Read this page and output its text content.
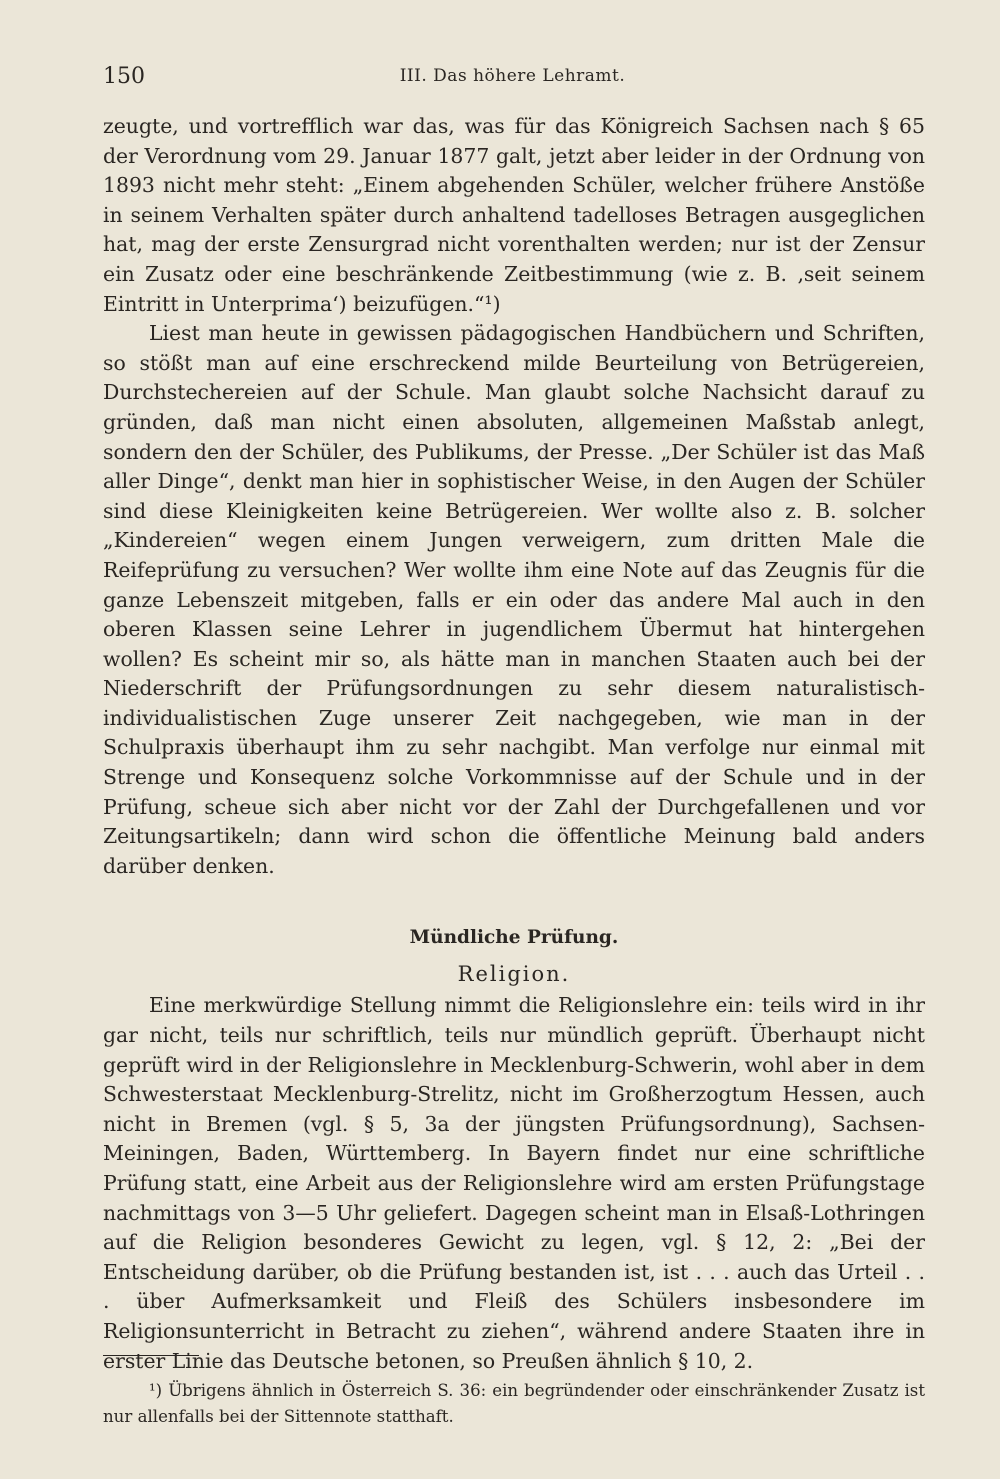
150	III. Das höhere Lehramt.

zeugte, und vortrefflich war das, was für das Königreich Sachsen nach § 65 der Verordnung vom 29. Januar 1877 galt, jetzt aber leider in der Ordnung von 1893 nicht mehr steht: „Einem abgehenden Schüler, welcher frühere Anstöße in seinem Verhalten später durch anhaltend tadelloses Betragen ausgeglichen hat, mag der erste Zensurgrad nicht vorenthalten werden; nur ist der Zensur ein Zusatz oder eine beschränkende Zeitbestimmung (wie z. B. ‚seit seinem Eintritt in Unterprima‘) beizufügen.“¹)

Liest man heute in gewissen pädagogischen Handbüchern und Schriften, so stößt man auf eine erschreckend milde Beurteilung von Betrügereien, Durchstechereien auf der Schule. Man glaubt solche Nachsicht darauf zu gründen, daß man nicht einen absoluten, allgemeinen Maßstab anlegt, sondern den der Schüler, des Publikums, der Presse. „Der Schüler ist das Maß aller Dinge“, denkt man hier in sophistischer Weise, in den Augen der Schüler sind diese Kleinigkeiten keine Betrügereien. Wer wollte also z. B. solcher „Kindereien“ wegen einem Jungen verweigern, zum dritten Male die Reifeprüfung zu versuchen? Wer wollte ihm eine Note auf das Zeugnis für die ganze Lebenszeit mitgeben, falls er ein oder das andere Mal auch in den oberen Klassen seine Lehrer in jugendlichem Übermut hat hintergehen wollen? Es scheint mir so, als hätte man in manchen Staaten auch bei der Niederschrift der Prüfungsordnungen zu sehr diesem naturalistisch-individualistischen Zuge unserer Zeit nachgegeben, wie man in der Schulpraxis überhaupt ihm zu sehr nachgibt. Man verfolge nur einmal mit Strenge und Konsequenz solche Vorkommnisse auf der Schule und in der Prüfung, scheue sich aber nicht vor der Zahl der Durchgefallenen und vor Zeitungsartikeln; dann wird schon die öffentliche Meinung bald anders darüber denken.

Mündliche Prüfung.

Religion.

Eine merkwürdige Stellung nimmt die Religionslehre ein: teils wird in ihr gar nicht, teils nur schriftlich, teils nur mündlich geprüft. Überhaupt nicht geprüft wird in der Religionslehre in Mecklenburg-Schwerin, wohl aber in dem Schwesterstaat Mecklenburg-Strelitz, nicht im Großherzogtum Hessen, auch nicht in Bremen (vgl. § 5, 3a der jüngsten Prüfungsordnung), Sachsen-Meiningen, Baden, Württemberg. In Bayern findet nur eine schriftliche Prüfung statt, eine Arbeit aus der Religionslehre wird am ersten Prüfungstage nachmittags von 3—5 Uhr geliefert. Dagegen scheint man in Elsaß-Lothringen auf die Religion besonderes Gewicht zu legen, vgl. § 12, 2: „Bei der Entscheidung darüber, ob die Prüfung bestanden ist, ist . . . auch das Urteil . . . über Aufmerksamkeit und Fleiß des Schülers insbesondere im Religionsunterricht in Betracht zu ziehen“, während andere Staaten ihre in erster Linie das Deutsche betonen, so Preußen ähnlich § 10, 2.

¹) Übrigens ähnlich in Österreich S. 36: ein begründender oder einschränkender Zusatz ist nur allenfalls bei der Sittennote statthaft.
